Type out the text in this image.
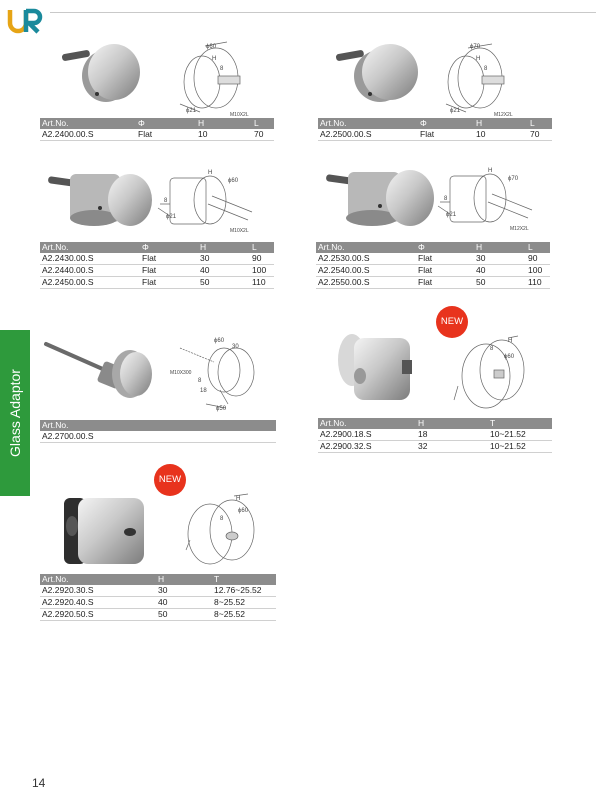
Glass Adaptor
ϕ60
H
8
ϕ21
M10X2L
Art.No.	Φ	H	L
A2.2400.00.S	Flat	10	70
ϕ70
H
8
ϕ21
M12X2L
Art.No.	Φ	H	L
A2.2500.00.S	Flat	10	70
H
ϕ60
8
ϕ21
M10X2L
Art.No.	Φ	H	L
A2.2430.00.S	Flat	30	90
A2.2440.00.S	Flat	40	100
A2.2450.00.S	Flat	50	110
H
ϕ70
8
ϕ21
M12X2L
Art.No.	Φ	H	L
A2.2530.00.S	Flat	30	90
A2.2540.00.S	Flat	40	100
A2.2550.00.S	Flat	50	110
ϕ60
30
M10X300
8
18
ϕ50
Art.No.
A2.2700.00.S
NEW
H
8
ϕ60
Art.No.	H	T
A2.2900.18.S	18	10~21.52
A2.2900.32.S	32	10~21.52
NEW
H
ϕ60
8
Art.No.	H	T
A2.2920.30.S	30	12.76~25.52
A2.2920.40.S	40	8~25.52
A2.2920.50.S	50	8~25.52
14
